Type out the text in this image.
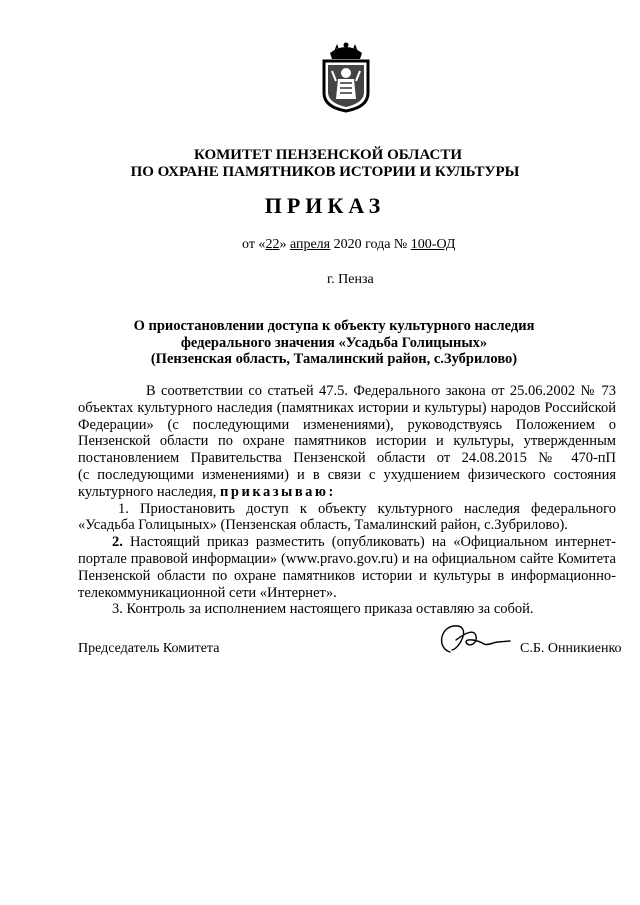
КОМИТЕТ ПЕНЗЕНСКОЙ ОБЛАСТИ
ПО ОХРАНЕ ПАМЯТНИКОВ ИСТОРИИ И КУЛЬТУРЫ
ПРИКАЗ
от «22» апреля 2020 года № 100-ОД
г. Пенза
О приостановлении доступа к объекту культурного наследия
федерального значения «Усадьба Голицыных»
(Пензенская область, Тамалинский район, с.Зубрилово)
В соответствии со статьей 47.5. Федерального закона от 25.06.2002 № 73
объектах культурного наследия (памятниках истории и культуры) народов Российской
Федерации» (с последующими изменениями), руководствуясь Положением о
Пензенской области по охране памятников истории и культуры, утвержденным
постановлением Правительства Пензенской области от 24.08.2015 № 470-пП
(с последующими изменениями) и в связи с ухудшением физического состояния
культурного наследия, приказываю:
1. Приостановить доступ к объекту культурного наследия федерального
«Усадьба Голицыных» (Пензенская область, Тамалинский район, с.Зубрилово).
2. Настоящий приказ разместить (опубликовать) на «Официальном интернет-
портале правовой информации» (www.pravo.gov.ru) и на официальном сайте Комитета
Пензенской области по охране памятников истории и культуры в информационно-
телекоммуникационной сети «Интернет».
3. Контроль за исполнением настоящего приказа оставляю за собой.
Председатель Комитета	С.Б. Онникиенко
